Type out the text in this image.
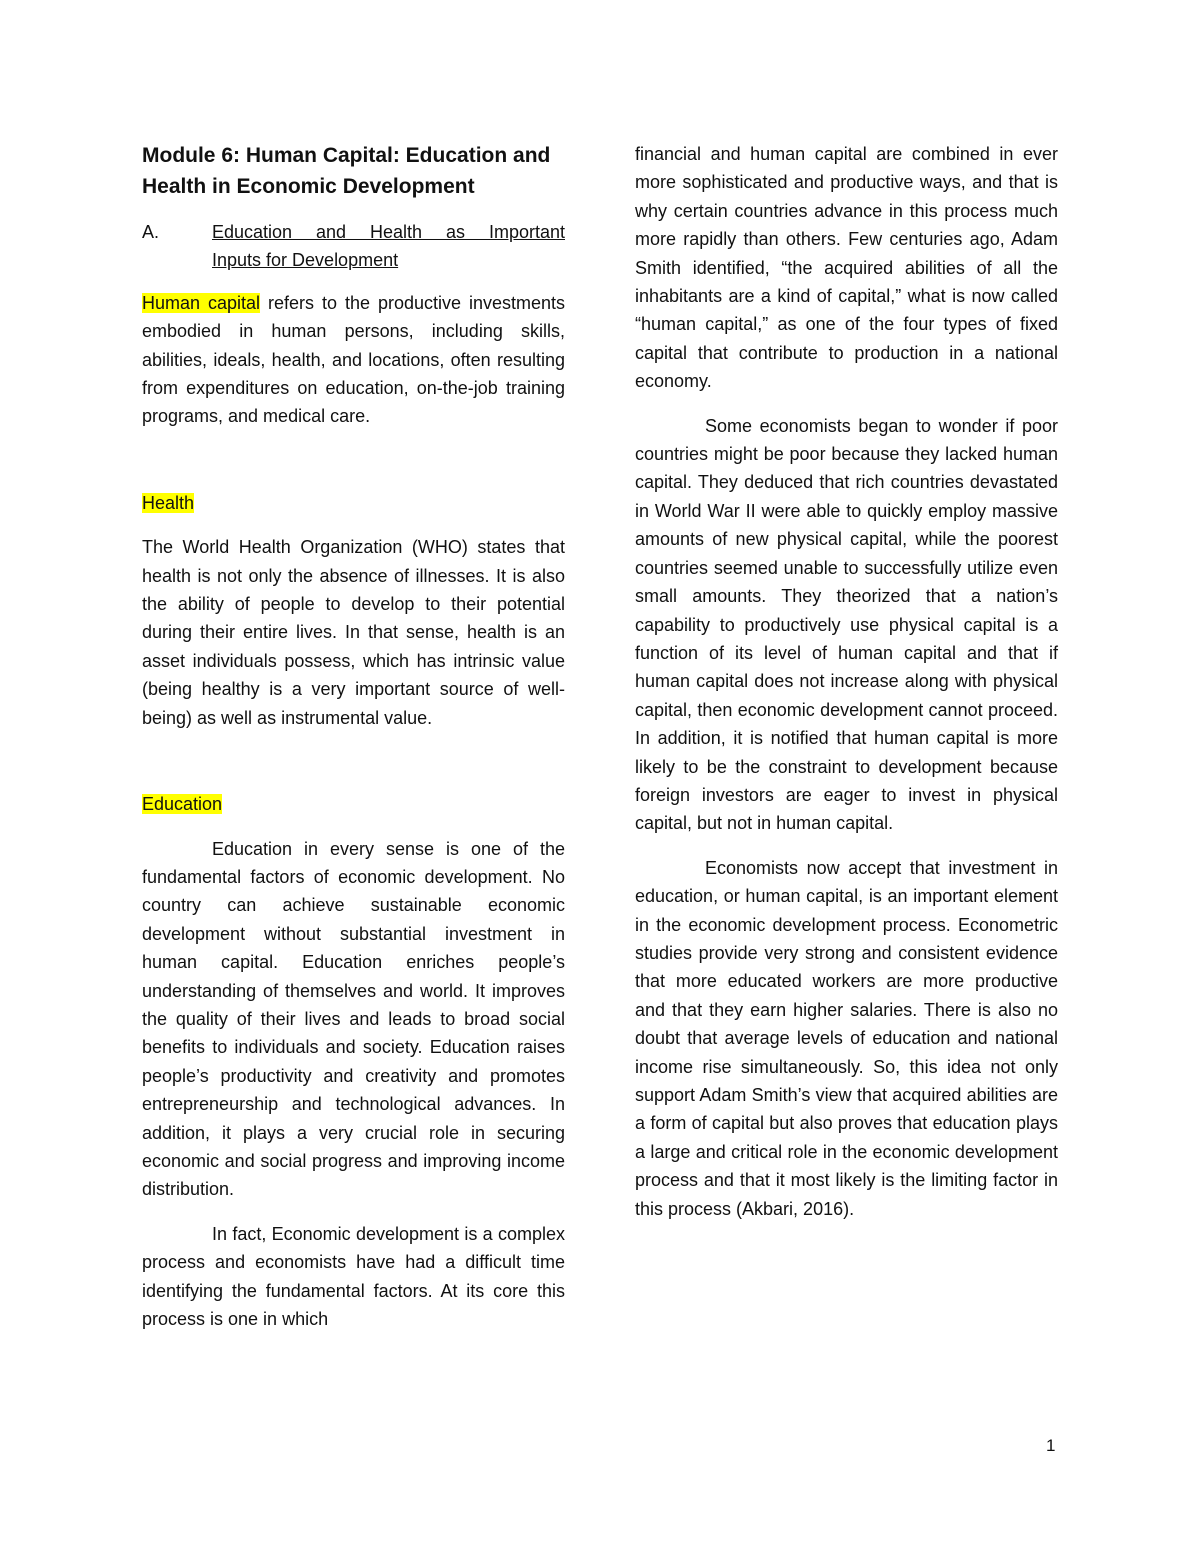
Module 6: Human Capital: Education and Health in Economic Development

A.	Education and Health as Important
Inputs for Development

Human capital refers to the productive investments embodied in human persons, including skills, abilities, ideals, health, and locations, often resulting from expenditures on education, on-the-job training programs, and medical care.

Health

The World Health Organization (WHO) states that health is not only the absence of illnesses. It is also the ability of people to develop to their potential during their entire lives. In that sense, health is an asset individuals possess, which has intrinsic value (being healthy is a very important source of well-being) as well as instrumental value.

Education

Education in every sense is one of the fundamental factors of economic development. No country can achieve sustainable economic development without substantial investment in human capital. Education enriches people’s understanding of themselves and world. It improves the quality of their lives and leads to broad social benefits to individuals and society. Education raises people’s productivity and creativity and promotes entrepreneurship and technological advances. In addition, it plays a very crucial role in securing economic and social progress and improving income distribution.

In fact, Economic development is a complex process and economists have had a difficult time identifying the fundamental factors. At its core this process is one in which

financial and human capital are combined in ever more sophisticated and productive ways, and that is why certain countries advance in this process much more rapidly than others. Few centuries ago, Adam Smith identified, “the acquired abilities of all the inhabitants are a kind of capital,” what is now called “human capital,” as one of the four types of fixed capital that contribute to production in a national economy.

Some economists began to wonder if poor countries might be poor because they lacked human capital. They deduced that rich countries devastated in World War II were able to quickly employ massive amounts of new physical capital, while the poorest countries seemed unable to successfully utilize even small amounts. They theorized that a nation’s capability to productively use physical capital is a function of its level of human capital and that if human capital does not increase along with physical capital, then economic development cannot proceed. In addition, it is notified that human capital is more likely to be the constraint to development because foreign investors are eager to invest in physical capital, but not in human capital.

Economists now accept that investment in education, or human capital, is an important element in the economic development process. Econometric studies provide very strong and consistent evidence that more educated workers are more productive and that they earn higher salaries. There is also no doubt that average levels of education and national income rise simultaneously. So, this idea not only support Adam Smith’s view that acquired abilities are a form of capital but also proves that education plays a large and critical role in the economic development process and that it most likely is the limiting factor in this process (Akbari, 2016).

1
